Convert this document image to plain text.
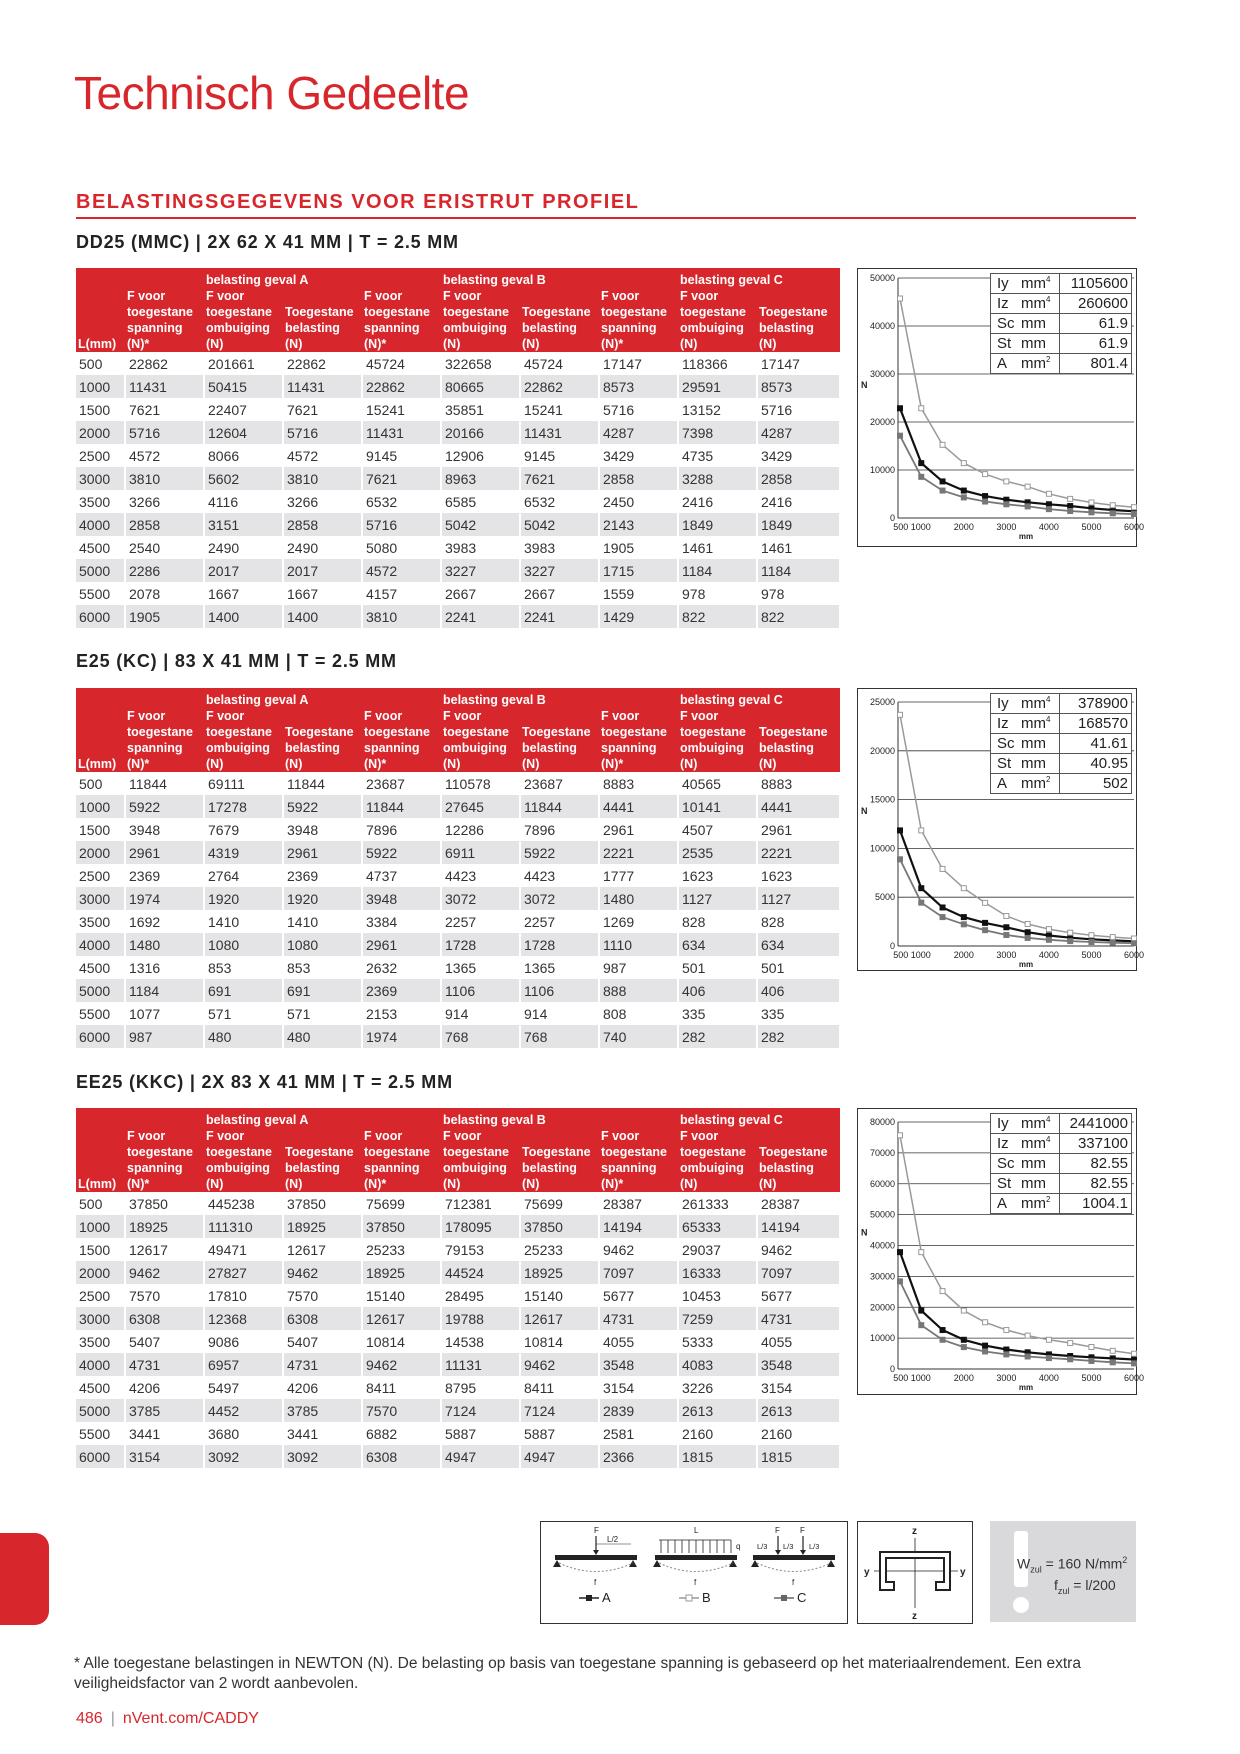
Technisch Gedeelte
BELASTINGSGEGEVENS VOOR ERISTRUT PROFIEL
DD25 (MMC) | 2X 62 X 41 MM | T = 2.5 MM
		belasting geval A			belasting geval B			belasting geval C	
L(mm)	F voor
toegestane
spanning
(N)*	F voor
toegestane
ombuiging
(N)	Toegestane
belasting
(N)	F voor
toegestane
spanning
(N)*	F voor
toegestane
ombuiging
(N)	Toegestane
belasting
(N)	F voor
toegestane
spanning
(N)*	F voor
toegestane
ombuiging
(N)	Toegestane
belasting
(N)

500	22862	201661	22862	45724	322658	45724	17147	118366	17147
1000	11431	50415	11431	22862	80665	22862	8573	29591	8573
1500	7621	22407	7621	15241	35851	15241	5716	13152	5716
2000	5716	12604	5716	11431	20166	11431	4287	7398	4287
2500	4572	8066	4572	9145	12906	9145	3429	4735	3429
3000	3810	5602	3810	7621	8963	7621	2858	3288	2858
3500	3266	4116	3266	6532	6585	6532	2450	2416	2416
4000	2858	3151	2858	5716	5042	5042	2143	1849	1849
4500	2540	2490	2490	5080	3983	3983	1905	1461	1461
5000	2286	2017	2017	4572	3227	3227	1715	1184	1184
5500	2078	1667	1667	4157	2667	2667	1559	978	978
6000	1905	1400	1400	3810	2241	2241	1429	822	822
50000
40000
30000
20000
10000
0
N
500 1000	2000	3000	4000	5000	6000
mm
Iy	$mm^4$	1105600
Iz	$mm^4$	260600
Sc	mm	61.9
St	mm	61.9
A	$mm^2$	801.4
E25 (KC) | 83 X 41 MM | T = 2.5 MM
		belasting geval A			belasting geval B			belasting geval C	
L(mm)	F voor
toegestane
spanning
(N)*	F voor
toegestane
ombuiging
(N)	Toegestane
belasting
(N)	F voor
toegestane
spanning
(N)*	F voor
toegestane
ombuiging
(N)	Toegestane
belasting
(N)	F voor
toegestane
spanning
(N)*	F voor
toegestane
ombuiging
(N)	Toegestane
belasting
(N)

500	11844	69111	11844	23687	110578	23687	8883	40565	8883
1000	5922	17278	5922	11844	27645	11844	4441	10141	4441
1500	3948	7679	3948	7896	12286	7896	2961	4507	2961
2000	2961	4319	2961	5922	6911	5922	2221	2535	2221
2500	2369	2764	2369	4737	4423	4423	1777	1623	1623
3000	1974	1920	1920	3948	3072	3072	1480	1127	1127
3500	1692	1410	1410	3384	2257	2257	1269	828	828
4000	1480	1080	1080	2961	1728	1728	1110	634	634
4500	1316	853	853	2632	1365	1365	987	501	501
5000	1184	691	691	2369	1106	1106	888	406	406
5500	1077	571	571	2153	914	914	808	335	335
6000	987	480	480	1974	768	768	740	282	282
25000
20000
15000
10000
5000
0
N
500 1000	2000	3000	4000	5000	6000
mm
Iy	$mm^4$	378900
Iz	$mm^4$	168570
Sc	mm	41.61
St	mm	40.95
A	$mm^2$	502
EE25 (KKC) | 2X 83 X 41 MM | T = 2.5 MM
		belasting geval A			belasting geval B			belasting geval C	
L(mm)	F voor
toegestane
spanning
(N)*	F voor
toegestane
ombuiging
(N)	Toegestane
belasting
(N)	F voor
toegestane
spanning
(N)*	F voor
toegestane
ombuiging
(N)	Toegestane
belasting
(N)	F voor
toegestane
spanning
(N)*	F voor
toegestane
ombuiging
(N)	Toegestane
belasting
(N)

500	37850	445238	37850	75699	712381	75699	28387	261333	28387
1000	18925	111310	18925	37850	178095	37850	14194	65333	14194
1500	12617	49471	12617	25233	79153	25233	9462	29037	9462
2000	9462	27827	9462	18925	44524	18925	7097	16333	7097
2500	7570	17810	7570	15140	28495	15140	5677	10453	5677
3000	6308	12368	6308	12617	19788	12617	4731	7259	4731
3500	5407	9086	5407	10814	14538	10814	4055	5333	4055
4000	4731	6957	4731	9462	11131	9462	3548	4083	3548
4500	4206	5497	4206	8411	8795	8411	3154	3226	3154
5000	3785	4452	3785	7570	7124	7124	2839	2613	2613
5500	3441	3680	3441	6882	5887	5887	2581	2160	2160
6000	3154	3092	3092	6308	4947	4947	2366	1815	1815
80000
70000
60000
50000
40000
30000
20000
10000
0
N
500 1000	2000	3000	4000	5000	6000
mm
Iy	$mm^4$	2441000
Iz	$mm^4$	337100
Sc	mm	82.55
St	mm	82.55
A	$mm^2$	1004.1
F
L/2
f
L
q
f
F	F
L/3 L/3 L/3
f
A	B	C
z
z
y	y
$W_{zul} = 160$ $N/mm^2$
$f_{zul} = l/200$
* Alle toegestane belastingen in NEWTON (N). De belasting op basis van toegestane spanning is gebaseerd op het materiaalrendement. Een extra veiligheidsfactor van 2 wordt aanbevolen.
486 | nVent.com/CADDY
